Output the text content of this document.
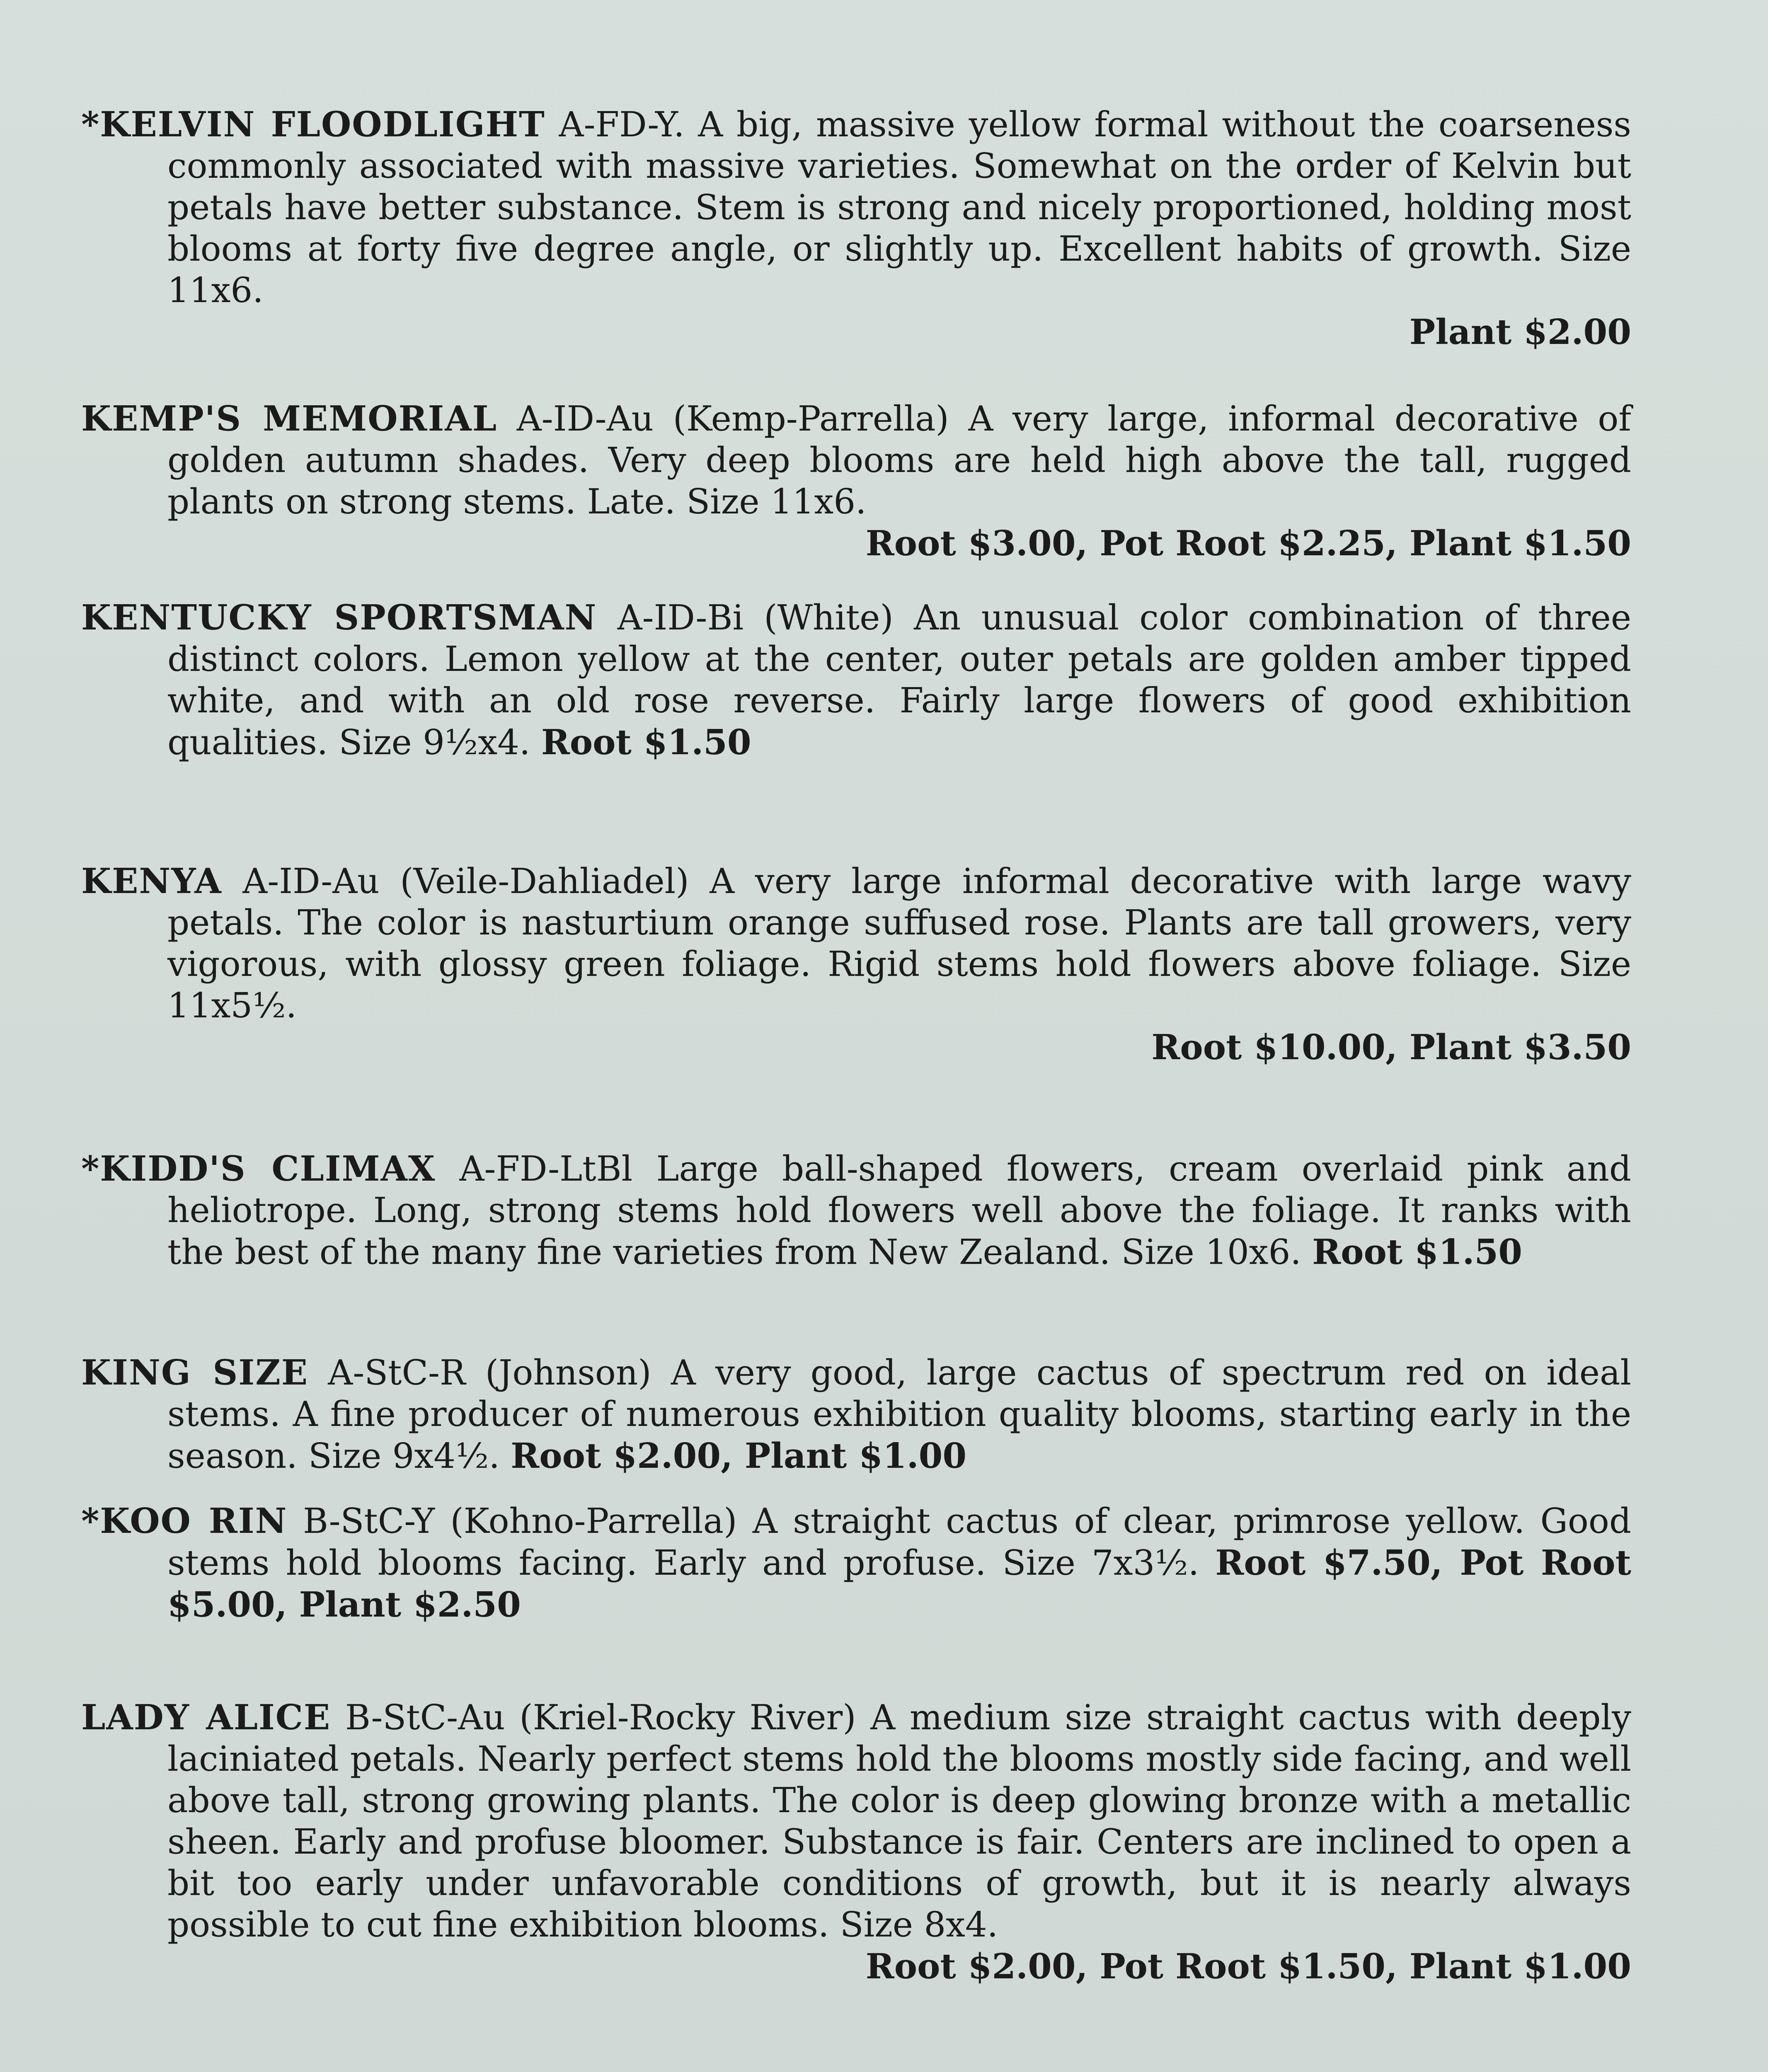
*KELVIN FLOODLIGHT A-FD-Y. A big, massive yellow formal without the coarseness commonly associated with massive varieties. Somewhat on the order of Kelvin but petals have better substance. Stem is strong and nicely proportioned, holding most blooms at forty five degree angle, or slightly up. Excellent habits of growth. Size 11x6.
Plant $2.00
KEMP'S MEMORIAL A-ID-Au (Kemp-Parrella) A very large, informal decorative of golden autumn shades. Very deep blooms are held high above the tall, rugged plants on strong stems. Late. Size 11x6.
Root $3.00, Pot Root $2.25, Plant $1.50
KENTUCKY SPORTSMAN A-ID-Bi (White) An unusual color combination of three distinct colors. Lemon yellow at the center, outer petals are golden amber tipped white, and with an old rose reverse. Fairly large flowers of good exhibition qualities. Size 9½x4. Root $1.50
KENYA A-ID-Au (Veile-Dahliadel) A very large informal decorative with large wavy petals. The color is nasturtium orange suffused rose. Plants are tall growers, very vigorous, with glossy green foliage. Rigid stems hold flowers above foliage. Size 11x5½.
Root $10.00, Plant $3.50
*KIDD'S CLIMAX A-FD-LtBl Large ball-shaped flowers, cream overlaid pink and heliotrope. Long, strong stems hold flowers well above the foliage. It ranks with the best of the many fine varieties from New Zealand. Size 10x6. Root $1.50
KING SIZE A-StC-R (Johnson) A very good, large cactus of spectrum red on ideal stems. A fine producer of numerous exhibition quality blooms, starting early in the season. Size 9x4½. Root $2.00, Plant $1.00
*KOO RIN B-StC-Y (Kohno-Parrella) A straight cactus of clear, primrose yellow. Good stems hold blooms facing. Early and profuse. Size 7x3½. Root $7.50, Pot Root $5.00, Plant $2.50
LADY ALICE B-StC-Au (Kriel-Rocky River) A medium size straight cactus with deeply laciniated petals. Nearly perfect stems hold the blooms mostly side facing, and well above tall, strong growing plants. The color is deep glowing bronze with a metallic sheen. Early and profuse bloomer. Substance is fair. Centers are inclined to open a bit too early under unfavorable conditions of growth, but it is nearly always possible to cut fine exhibition blooms. Size 8x4.
Root $2.00, Pot Root $1.50, Plant $1.00
